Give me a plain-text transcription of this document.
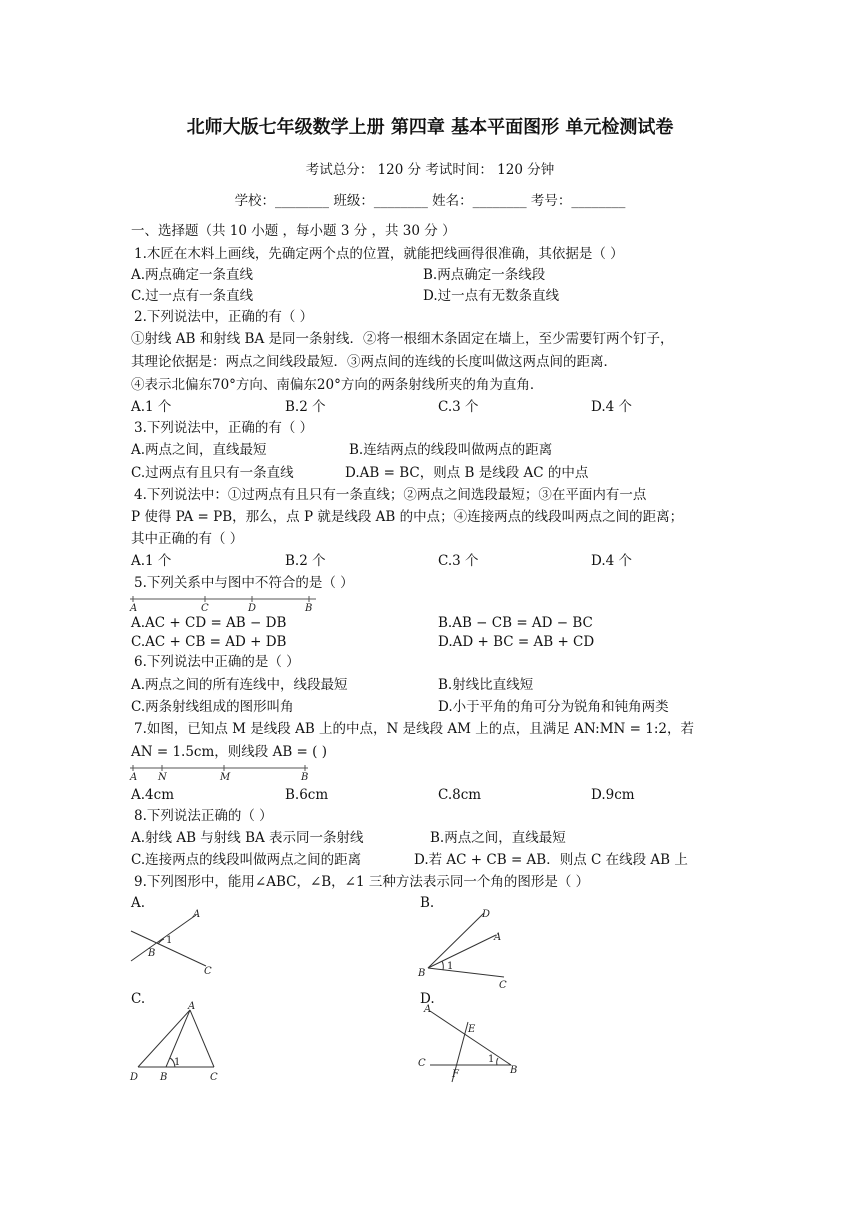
北师大版七年级数学上册 第四章 基本平面图形 单元检测试卷
考试总分： 120 分 考试时间： 120 分钟
学校：________ 班级：________ 姓名：________ 考号：________
一、选择题（共 10 小题 ，每小题 3 分 ，共 30 分 ）
1.木匠在木料上画线，先确定两个点的位置，就能把线画得很准确，其依据是（ ）
A.两点确定一条直线	B.两点确定一条线段
C.过一点有一条直线	D.过一点有无数条直线
2.下列说法中，正确的有（ ）
①射线 AB 和射线 BA 是同一条射线．②将一根细木条固定在墙上，至少需要钉两个钉子，
其理论依据是：两点之间线段最短．③两点间的连线的长度叫做这两点间的距离．
④表示北偏东70°方向、南偏东20°方向的两条射线所夹的角为直角．
A.1 个	B.2 个	C.3 个	D.4 个
3.下列说法中，正确的有（ ）
A.两点之间，直线最短	B.连结两点的线段叫做两点的距离
C.过两点有且只有一条直线	D.AB = BC，则点 B 是线段 AC 的中点
4.下列说法中：①过两点有且只有一条直线；②两点之间选段最短；③在平面内有一点
P 使得 PA = PB，那么，点 P 就是线段 AB 的中点；④连接两点的线段叫两点之间的距离；
其中正确的有（ ）
A.1 个	B.2 个	C.3 个	D.4 个
5.下列关系中与图中不符合的是（ ）
A	C	D	B
A.AC + CD = AB − DB	B.AB − CB = AD − BC
C.AC + CB = AD + DB	D.AD + BC = AB + CD
6.下列说法中正确的是（ ）
A.两点之间的所有连线中，线段最短	B.射线比直线短
C.两条射线组成的图形叫角	D.小于平角的角可分为锐角和钝角两类
7.如图，已知点 M 是线段 AB 上的中点，N 是线段 AM 上的点，且满足 AN:MN = 1:2，若
AN = 1.5cm，则线段 AB = ( )
A N	M	B
A.4cm	B.6cm	C.8cm	D.9cm
8.下列说法正确的（ ）
A.射线 AB 与射线 BA 表示同一条射线	B.两点之间，直线最短
C.连接两点的线段叫做两点之间的距离	D.若 AC + CB = AB．则点 C 在线段 AB 上
9.下列图形中，能用∠ABC，∠B，∠1 三种方法表示同一个角的图形是（ ）
A.
A
1
B
C
B.
D
A
B
1
C
C.	A
1
D B	C
D.
A
E
C	1
F	B
